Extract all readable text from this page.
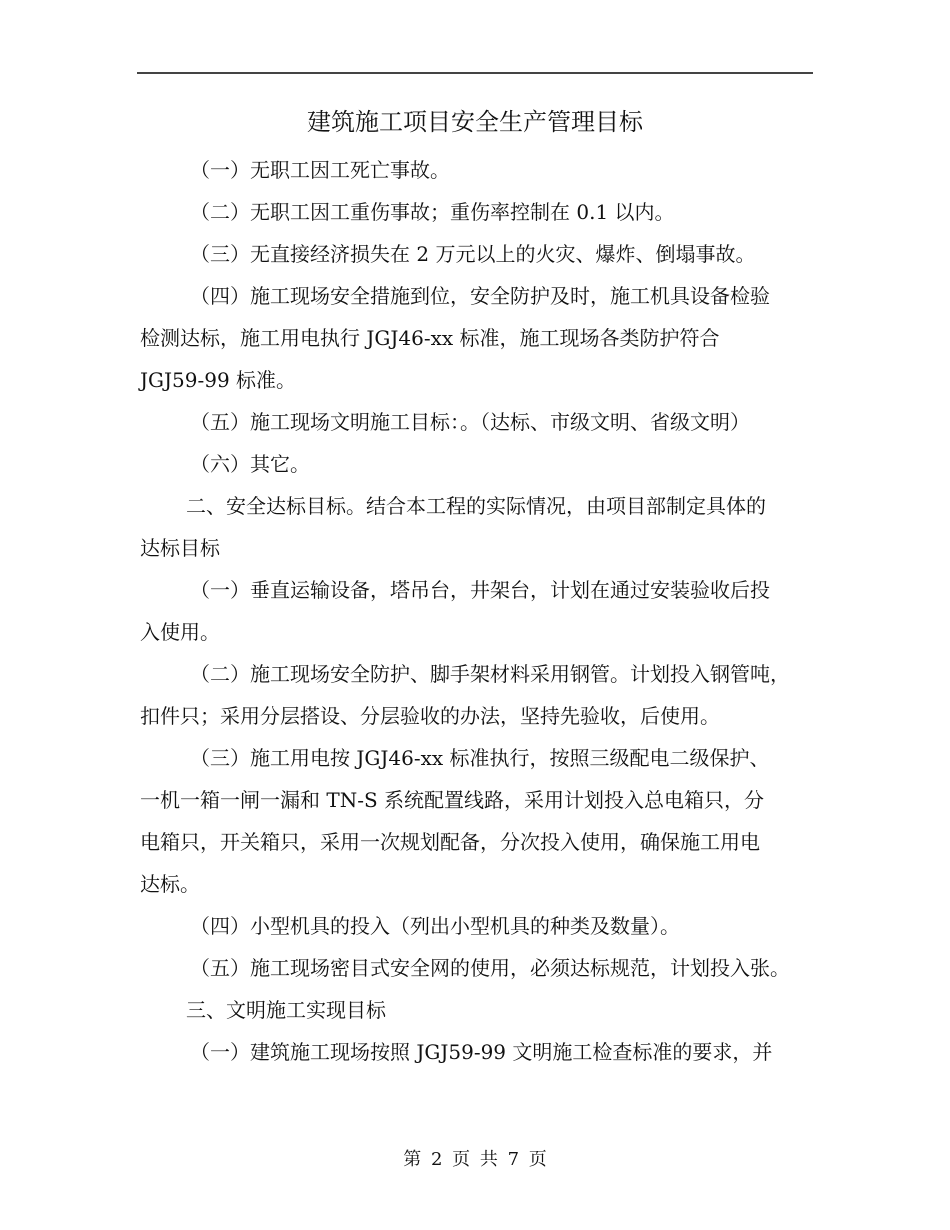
建筑施工项目安全生产管理目标
（一）无职工因工死亡事故。
（二）无职工因工重伤事故；重伤率控制在 0.1 以内。
（三）无直接经济损失在 2 万元以上的火灾、爆炸、倒塌事故。
（四）施工现场安全措施到位，安全防护及时，施工机具设备检验
检测达标，施工用电执行 JGJ46-xx 标准，施工现场各类防护符合
JGJ59-99 标准。
（五）施工现场文明施工目标：。（达标、市级文明、省级文明）
（六）其它。
二、安全达标目标。结合本工程的实际情况，由项目部制定具体的
达标目标
（一）垂直运输设备，塔吊台，井架台，计划在通过安装验收后投
入使用。
（二）施工现场安全防护、脚手架材料采用钢管。计划投入钢管吨，
扣件只；采用分层搭设、分层验收的办法，坚持先验收，后使用。
（三）施工用电按 JGJ46-xx 标准执行，按照三级配电二级保护、
一机一箱一闸一漏和 TN-S 系统配置线路，采用计划投入总电箱只，分
电箱只，开关箱只，采用一次规划配备，分次投入使用，确保施工用电
达标。
（四）小型机具的投入（列出小型机具的种类及数量）。
（五）施工现场密目式安全网的使用，必须达标规范，计划投入张。
三、文明施工实现目标
（一）建筑施工现场按照 JGJ59-99 文明施工检查标准的要求，并
第 2 页 共 7 页
